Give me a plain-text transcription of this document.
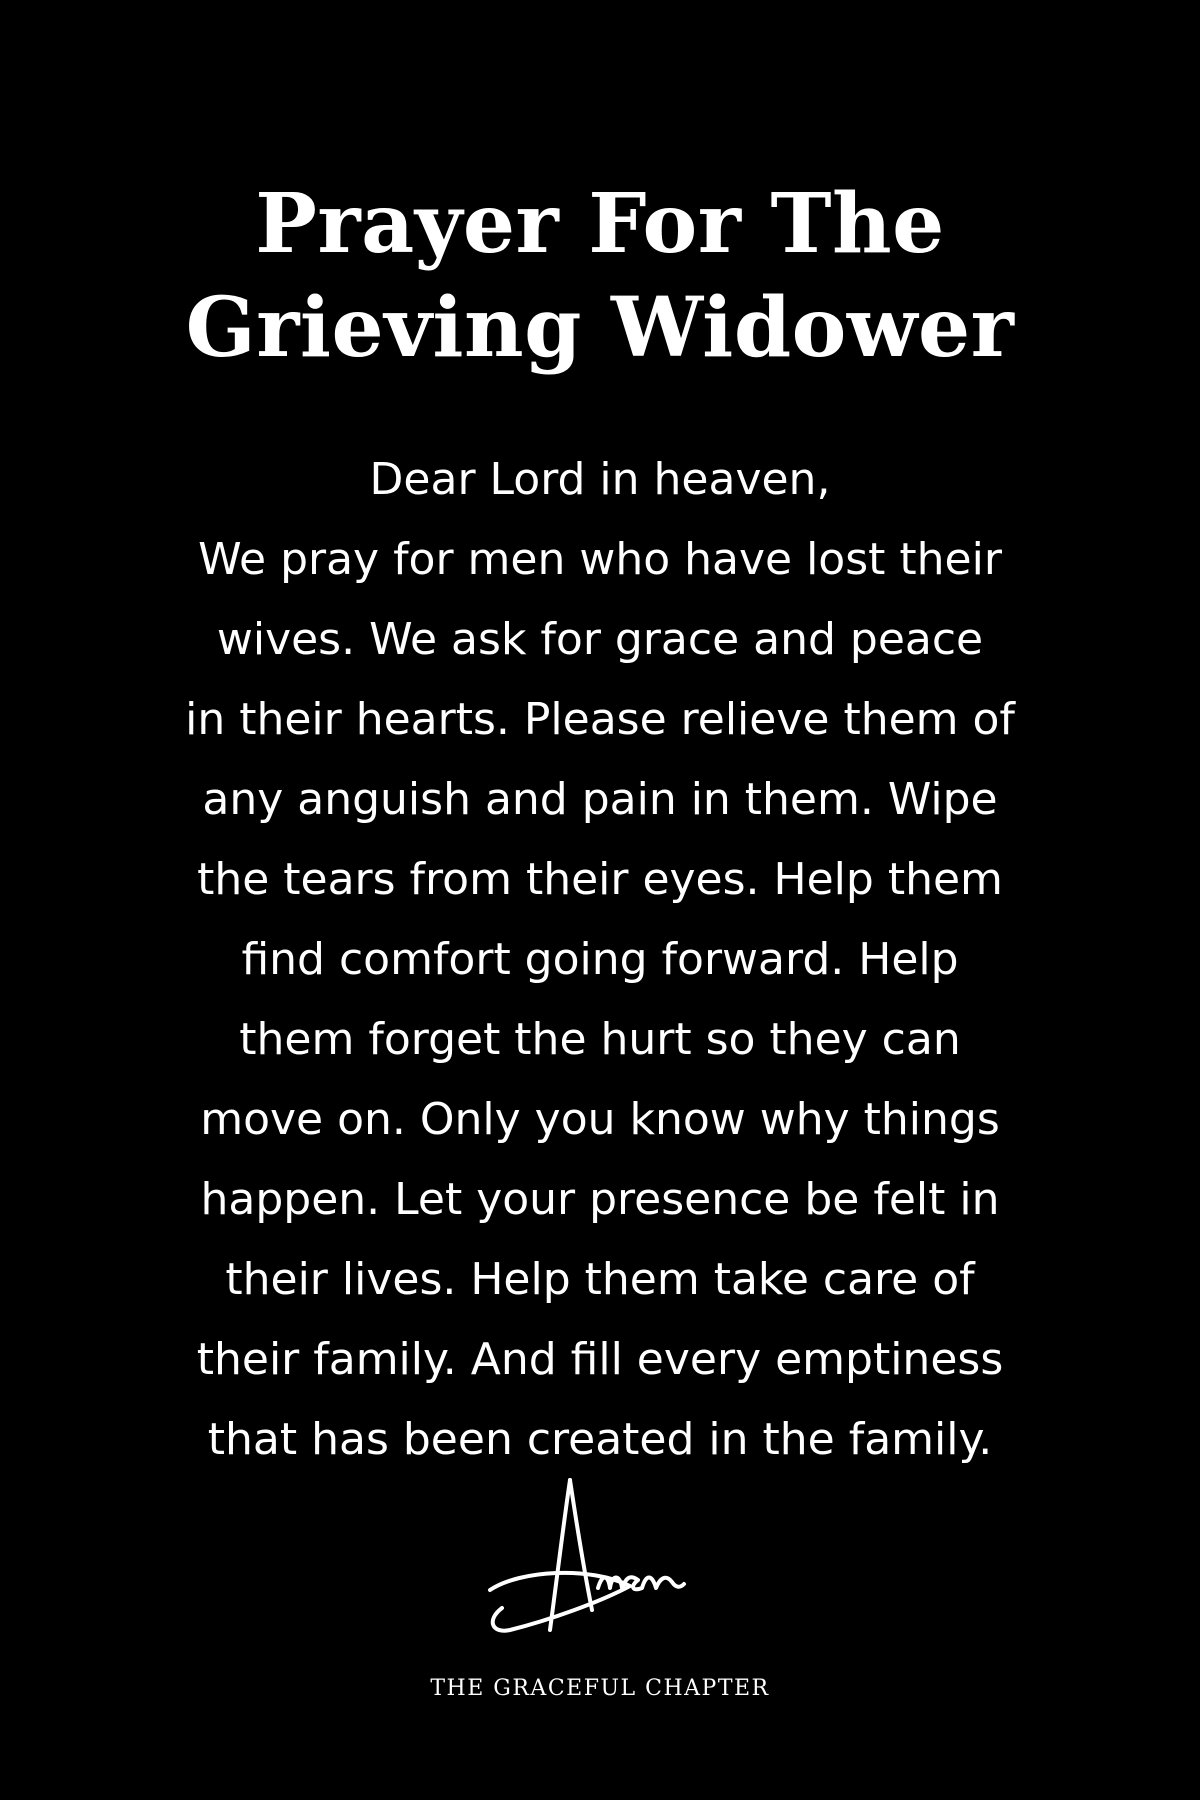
Prayer For The
Grieving Widower
Dear Lord in heaven,
We pray for men who have lost their
wives. We ask for grace and peace
in their hearts. Please relieve them of
any anguish and pain in them. Wipe
the tears from their eyes. Help them
find comfort going forward. Help
them forget the hurt so they can
move on. Only you know why things
happen. Let your presence be felt in
their lives. Help them take care of
their family. And fill every emptiness
that has been created in the family.
THE GRACEFUL CHAPTER
